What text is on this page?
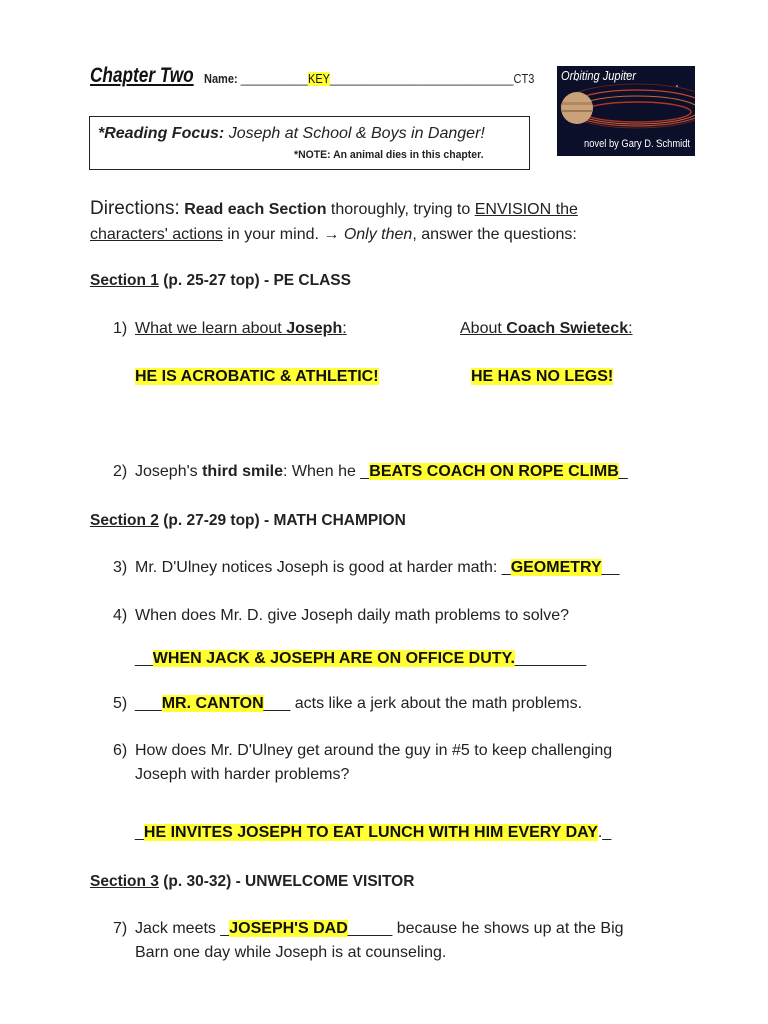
Chapter Two Name: ___________KEY______________________________CT3
*Reading Focus: Joseph at School & Boys in Danger!
*NOTE: An animal dies in this chapter.
Orbiting Jupiter
novel by Gary D. Schmidt
Directions: Read each Section thoroughly, trying to ENVISION the characters' actions in your mind. → Only then, answer the questions:
Section 1 (p. 25-27 top) - PE CLASS
1) What we learn about Joseph:	About Coach Swieteck:
HE IS ACROBATIC & ATHLETIC!	HE HAS NO LEGS!
2) Joseph's third smile: When he _BEATS COACH ON ROPE CLIMB_
Section 2 (p. 27-29 top) - MATH CHAMPION
3) Mr. D'Ulney notices Joseph is good at harder math: _GEOMETRY__
4) When does Mr. D. give Joseph daily math problems to solve?
__WHEN JACK & JOSEPH ARE ON OFFICE DUTY.________
5) ___MR. CANTON___ acts like a jerk about the math problems.
6) How does Mr. D'Ulney get around the guy in #5 to keep challenging
Joseph with harder problems?
_HE INVITES JOSEPH TO EAT LUNCH WITH HIM EVERY DAY._
Section 3 (p. 30-32) - UNWELCOME VISITOR
7) Jack meets _JOSEPH'S DAD_____ because he shows up at the Big
Barn one day while Joseph is at counseling.
